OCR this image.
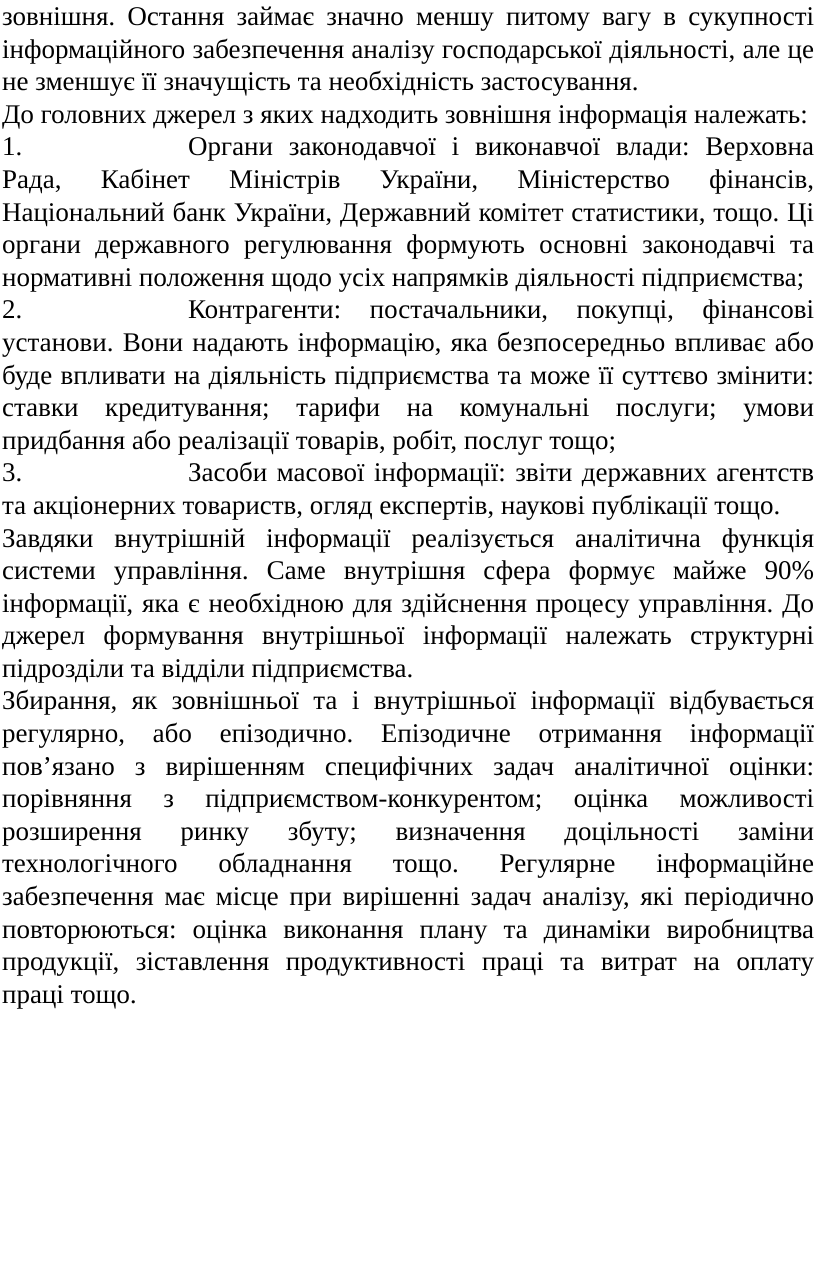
зовнішня. Остання займає значно меншу питому вагу в сукупності інформаційного забезпечення аналізу господарської діяльності, але це не зменшує її значущість та необхідність застосування.

До головних джерел з яких надходить зовнішня інформація належать:

1.	Органи законодавчої і виконавчої влади: Верховна Рада, Кабінет Міністрів України, Міністерство фінансів, Національний банк України, Державний комітет статистики, тощо. Ці органи державного регулювання формують основні законодавчі та нормативні положення щодо усіх напрямків діяльності підприємства;

2.	Контрагенти: постачальники, покупці, фінансові установи. Вони надають інформацію, яка безпосередньо впливає або буде впливати на діяльність підприємства та може її суттєво змінити: ставки кредитування; тарифи на комунальні послуги; умови придбання або реалізації товарів, робіт, послуг тощо;

3.	Засоби масової інформації: звіти державних агентств та акціонерних товариств, огляд експертів, наукові публікації тощо.

Завдяки внутрішній інформації реалізується аналітична функція системи управління. Саме внутрішня сфера формує майже 90% інформації, яка є необхідною для здійснення процесу управління. До джерел формування внутрішньої інформації належать структурні підрозділи та відділи підприємства.

Збирання, як зовнішньої та і внутрішньої інформації відбувається регулярно, або епізодично. Епізодичне отримання інформації пов’язано з вирішенням специфічних задач аналітичної оцінки: порівняння з підприємством-конкурентом; оцінка можливості розширення ринку збуту; визначення доцільності заміни технологічного обладнання тощо. Регулярне інформаційне забезпечення має місце при вирішенні задач аналізу, які періодично повторюються: оцінка виконання плану та динаміки виробництва продукції, зіставлення продуктивності праці та витрат на оплату праці тощо.
